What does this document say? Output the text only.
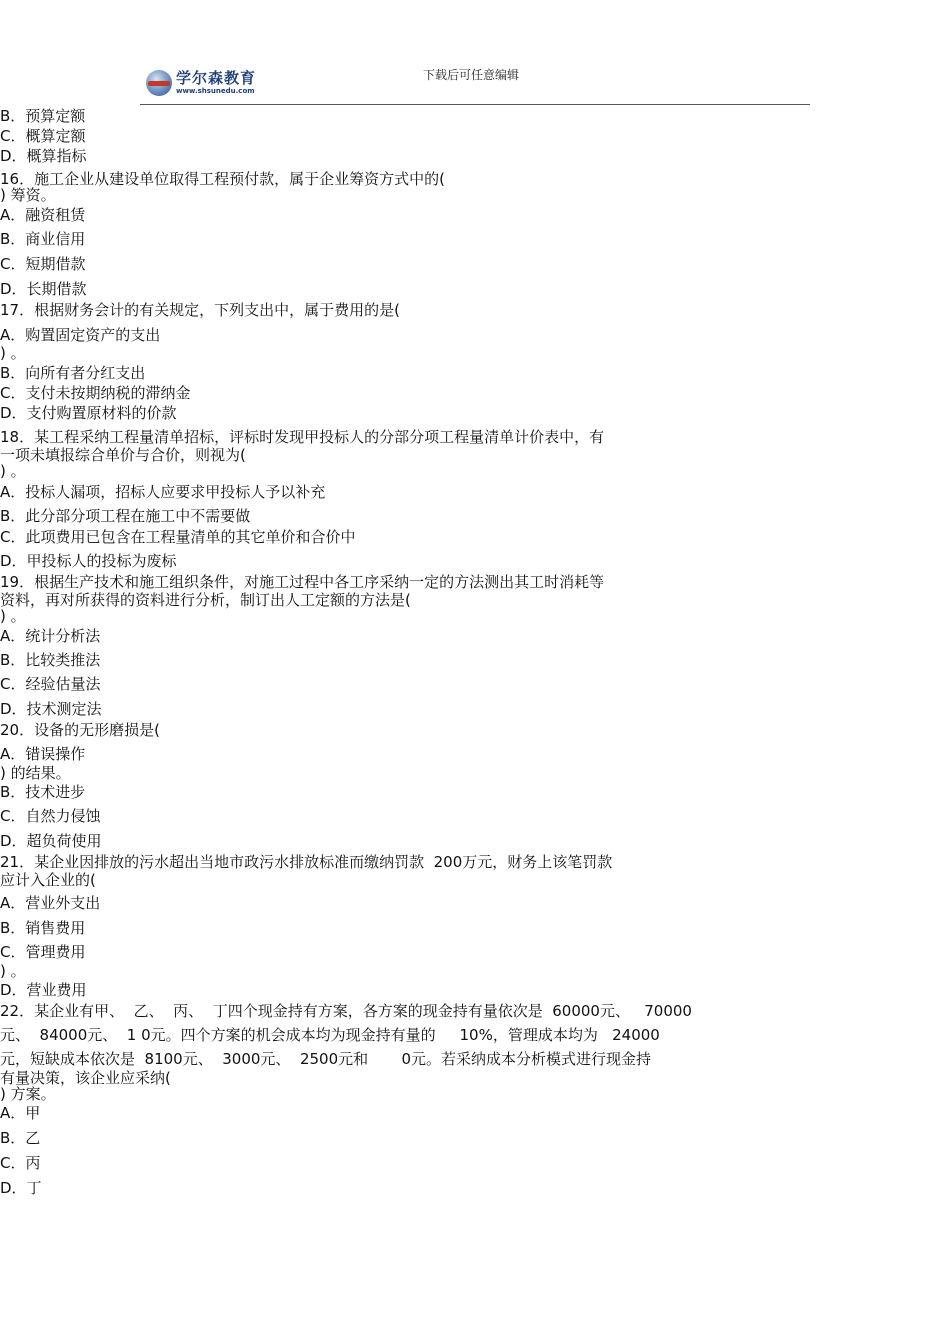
学尔森教育
www.shsunedu.com
下载后可任意编辑
B．预算定额
C．概算定额
D．概算指标
16．施工企业从建设单位取得工程预付款，属于企业筹资方式中的(
) 筹资。
A．融资租赁
B．商业信用
C．短期借款
D．长期借款
17．根据财务会计的有关规定，下列支出中，属于费用的是(
A．购置固定资产的支出
) 。
B．向所有者分红支出
C．支付未按期纳税的滞纳金
D．支付购置原材料的价款
18．某工程采纳工程量清单招标，评标时发现甲投标人的分部分项工程量清单计价表中，有
一项未填报综合单价与合价，则视为(
) 。
A．投标人漏项，招标人应要求甲投标人予以补充
B．此分部分项工程在施工中不需要做
C．此项费用已包含在工程量清单的其它单价和合价中
D．甲投标人的投标为废标
19．根据生产技术和施工组织条件，对施工过程中各工序采纳一定的方法测出其工时消耗等
资料，再对所获得的资料进行分析，制订出人工定额的方法是(
) 。
A．统计分析法
B．比较类推法
C．经验估量法
D．技术测定法
20．设备的无形磨损是(
A．错误操作
) 的结果。
B．技术进步
C．自然力侵蚀
D．超负荷使用
21．某企业因排放的污水超出当地市政污水排放标准而缴纳罚款  200万元，财务上该笔罚款
应计入企业的(
A．营业外支出
B．销售费用
C．管理费用
) 。
D．营业费用
22．某企业有甲、  乙、  丙、  丁四个现金持有方案，各方案的现金持有量依次是  60000元、   70000
元、  84000元、  1 0元。四个方案的机会成本均为现金持有量的     10%，管理成本均为   24000
元，短缺成本依次是  8100元、  3000元、  2500元和       0元。若采纳成本分析模式进行现金持
有量决策，该企业应采纳(
) 方案。
A．甲
B．乙
C．丙
D．丁
